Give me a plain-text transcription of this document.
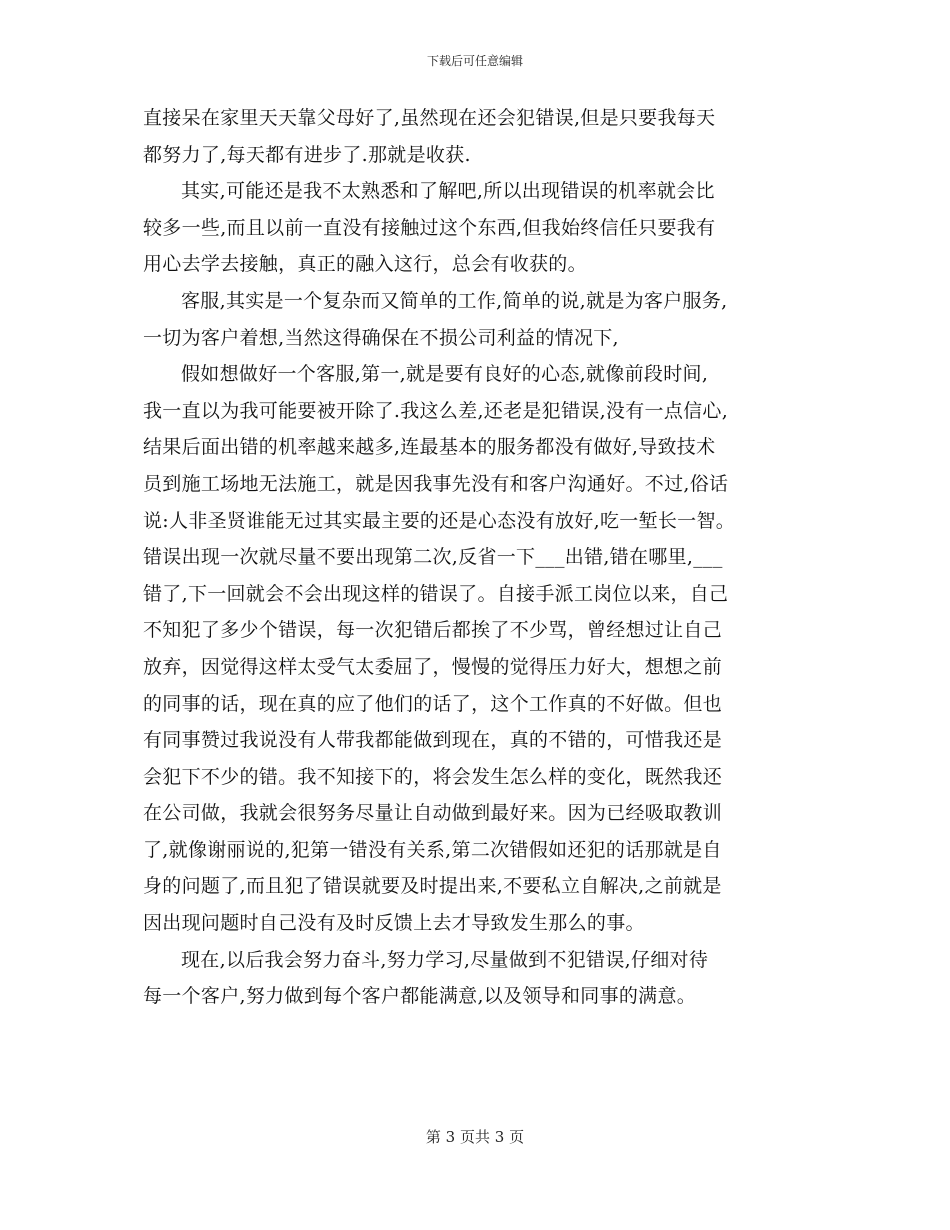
下载后可任意编辑
直接呆在家里天天靠父母好了,虽然现在还会犯错误,但是只要我每天
都努力了,每天都有进步了.那就是收获.
其实,可能还是我不太熟悉和了解吧,所以出现错误的机率就会比
较多一些,而且以前一直没有接触过这个东西,但我始终信任只要我有
用心去学去接触，真正的融入这行，总会有收获的。
客服,其实是一个复杂而又简单的工作,简单的说,就是为客户服务,
一切为客户着想,当然这得确保在不损公司利益的情况下,
假如想做好一个客服,第一,就是要有良好的心态,就像前段时间,
我一直以为我可能要被开除了.我这么差,还老是犯错误,没有一点信心,
结果后面出错的机率越来越多,连最基本的服务都没有做好,导致技术
员到施工场地无法施工，就是因我事先没有和客户沟通好。不过,俗话
说:人非圣贤谁能无过其实最主要的还是心态没有放好,吃一堑长一智。
错误出现一次就尽量不要出现第二次,反省一下___出错,错在哪里,___
错了,下一回就会不会出现这样的错误了。自接手派工岗位以来，自己
不知犯了多少个错误，每一次犯错后都挨了不少骂，曾经想过让自己
放弃，因觉得这样太受气太委屈了，慢慢的觉得压力好大，想想之前
的同事的话，现在真的应了他们的话了，这个工作真的不好做。但也
有同事赞过我说没有人带我都能做到现在，真的不错的，可惜我还是
会犯下不少的错。我不知接下的，将会发生怎么样的变化，既然我还
在公司做，我就会很努务尽量让自动做到最好来。因为已经吸取教训
了,就像谢丽说的,犯第一错没有关系,第二次错假如还犯的话那就是自
身的问题了,而且犯了错误就要及时提出来,不要私立自解决,之前就是
因出现问题时自己没有及时反馈上去才导致发生那么的事。
现在,以后我会努力奋斗,努力学习,尽量做到不犯错误,仔细对待
每一个客户,努力做到每个客户都能满意,以及领导和同事的满意。
第 3 页共 3 页
